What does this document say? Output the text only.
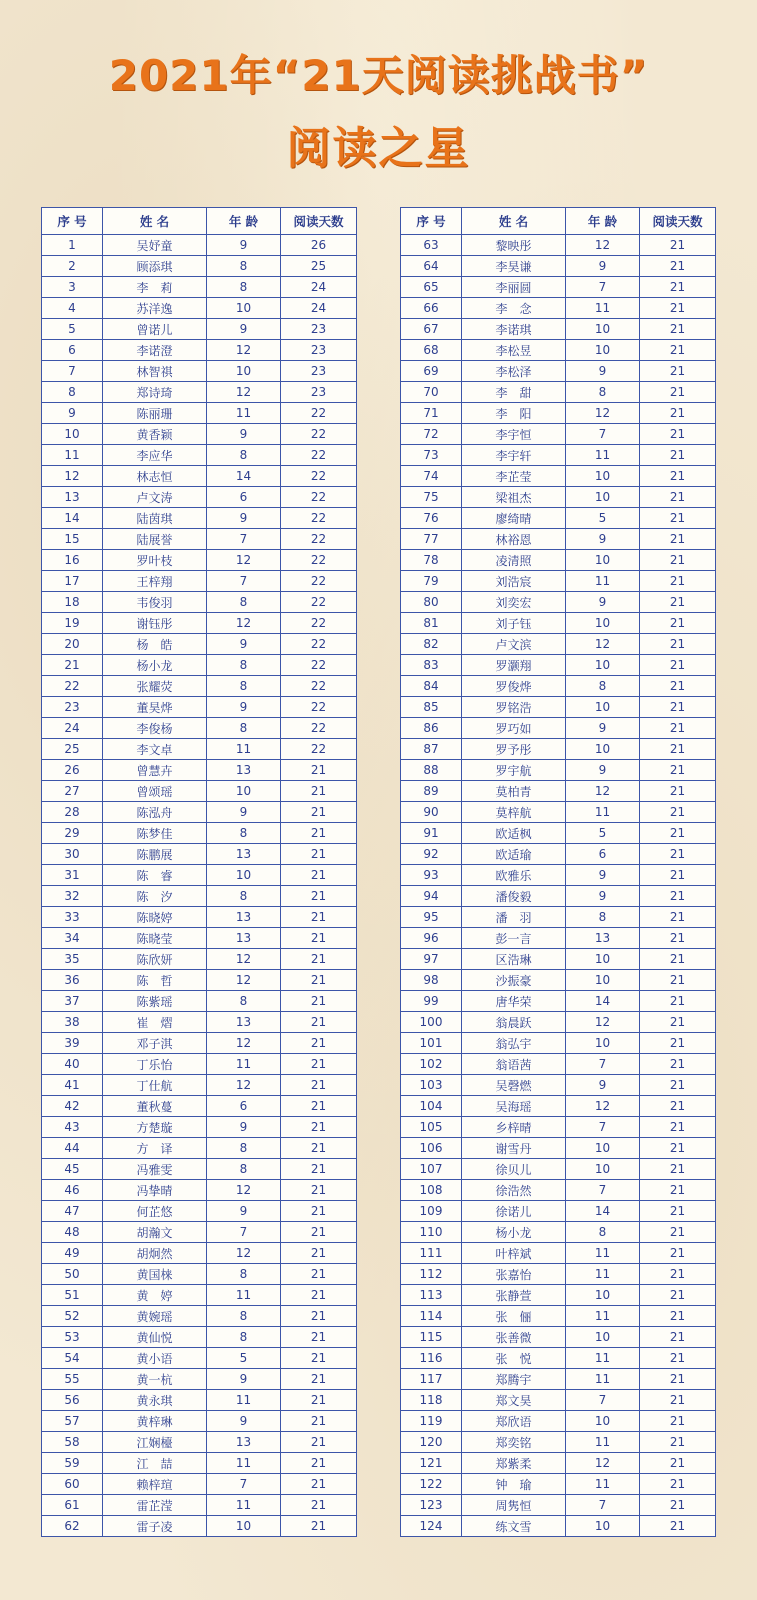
2021年“21天阅读挑战书”
阅读之星
序 号	姓 名	年 龄	阅读天数
1	吴妤童	9	26
2	顾添琪	8	25
3	李　莉	8	24
4	苏洋逸	10	24
5	曾诺儿	9	23
6	李诺澄	12	23
7	林智祺	10	23
8	郑诗琦	12	23
9	陈丽珊	11	22
10	黄香颖	9	22
11	李应华	8	22
12	林志恒	14	22
13	卢文涛	6	22
14	陆茵琪	9	22
15	陆展誉	7	22
16	罗叶枝	12	22
17	王梓翔	7	22
18	韦俊羽	8	22
19	谢钰彤	12	22
20	杨　皓	9	22
21	杨小龙	8	22
22	张耀荧	8	22
23	董昊烨	9	22
24	李俊杨	8	22
25	李文卓	11	22
26	曾慧卉	13	21
27	曾颂瑶	10	21
28	陈泓舟	9	21
29	陈梦佳	8	21
30	陈鹏展	13	21
31	陈　睿	10	21
32	陈　汐	8	21
33	陈晓婷	13	21
34	陈晓莹	13	21
35	陈欣妍	12	21
36	陈　哲	12	21
37	陈紫瑶	8	21
38	崔　熠	13	21
39	邓子淇	12	21
40	丁乐怡	11	21
41	丁仕航	12	21
42	董秋蔓	6	21
43	方楚璇	9	21
44	方　译	8	21
45	冯雅雯	8	21
46	冯挚晴	12	21
47	何芷悠	9	21
48	胡瀚文	7	21
49	胡炯然	12	21
50	黄国梾	8	21
51	黄　婷	11	21
52	黄婉瑶	8	21
53	黄仙悦	8	21
54	黄小语	5	21
55	黄一杭	9	21
56	黄永琪	11	21
57	黄梓琳	9	21
58	江娴檯	13	21
59	江　喆	11	21
60	赖梓瑄	7	21
61	雷芷滢	11	21
62	雷子凌	10	21
序 号	姓 名	年 龄	阅读天数
63	黎映彤	12	21
64	李昊谦	9	21
65	李丽圆	7	21
66	李　念	11	21
67	李诺琪	10	21
68	李松昱	10	21
69	李松泽	9	21
70	李　甜	8	21
71	李　阳	12	21
72	李宇恒	7	21
73	李宇轩	11	21
74	李芷莹	10	21
75	梁祖杰	10	21
76	廖绮晴	5	21
77	林裕恩	9	21
78	凌清照	10	21
79	刘浩宸	11	21
80	刘奕宏	9	21
81	刘子钰	10	21
82	卢文滨	12	21
83	罗灏翔	10	21
84	罗俊烨	8	21
85	罗铭浩	10	21
86	罗巧如	9	21
87	罗予彤	10	21
88	罗宇航	9	21
89	莫柏青	12	21
90	莫梓航	11	21
91	欧适枫	5	21
92	欧适瑜	6	21
93	欧雅乐	9	21
94	潘俊毅	9	21
95	潘　羽	8	21
96	彭一言	13	21
97	区浩琳	10	21
98	沙振豪	10	21
99	唐华荣	14	21
100	翁晨跃	12	21
101	翁弘宇	10	21
102	翁语茜	7	21
103	吴磬燃	9	21
104	吴海瑶	12	21
105	乡梓晴	7	21
106	谢雪丹	10	21
107	徐贝儿	10	21
108	徐浩然	7	21
109	徐诺儿	14	21
110	杨小龙	8	21
111	叶梓斌	11	21
112	张嘉怡	11	21
113	张静萱	10	21
114	张　俪	11	21
115	张善微	10	21
116	张　悦	11	21
117	郑腾宇	11	21
118	郑文昊	7	21
119	郑欣语	10	21
120	郑奕铭	11	21
121	郑紫柔	12	21
122	钟　瑜	11	21
123	周隽恒	7	21
124	练文雪	10	21
